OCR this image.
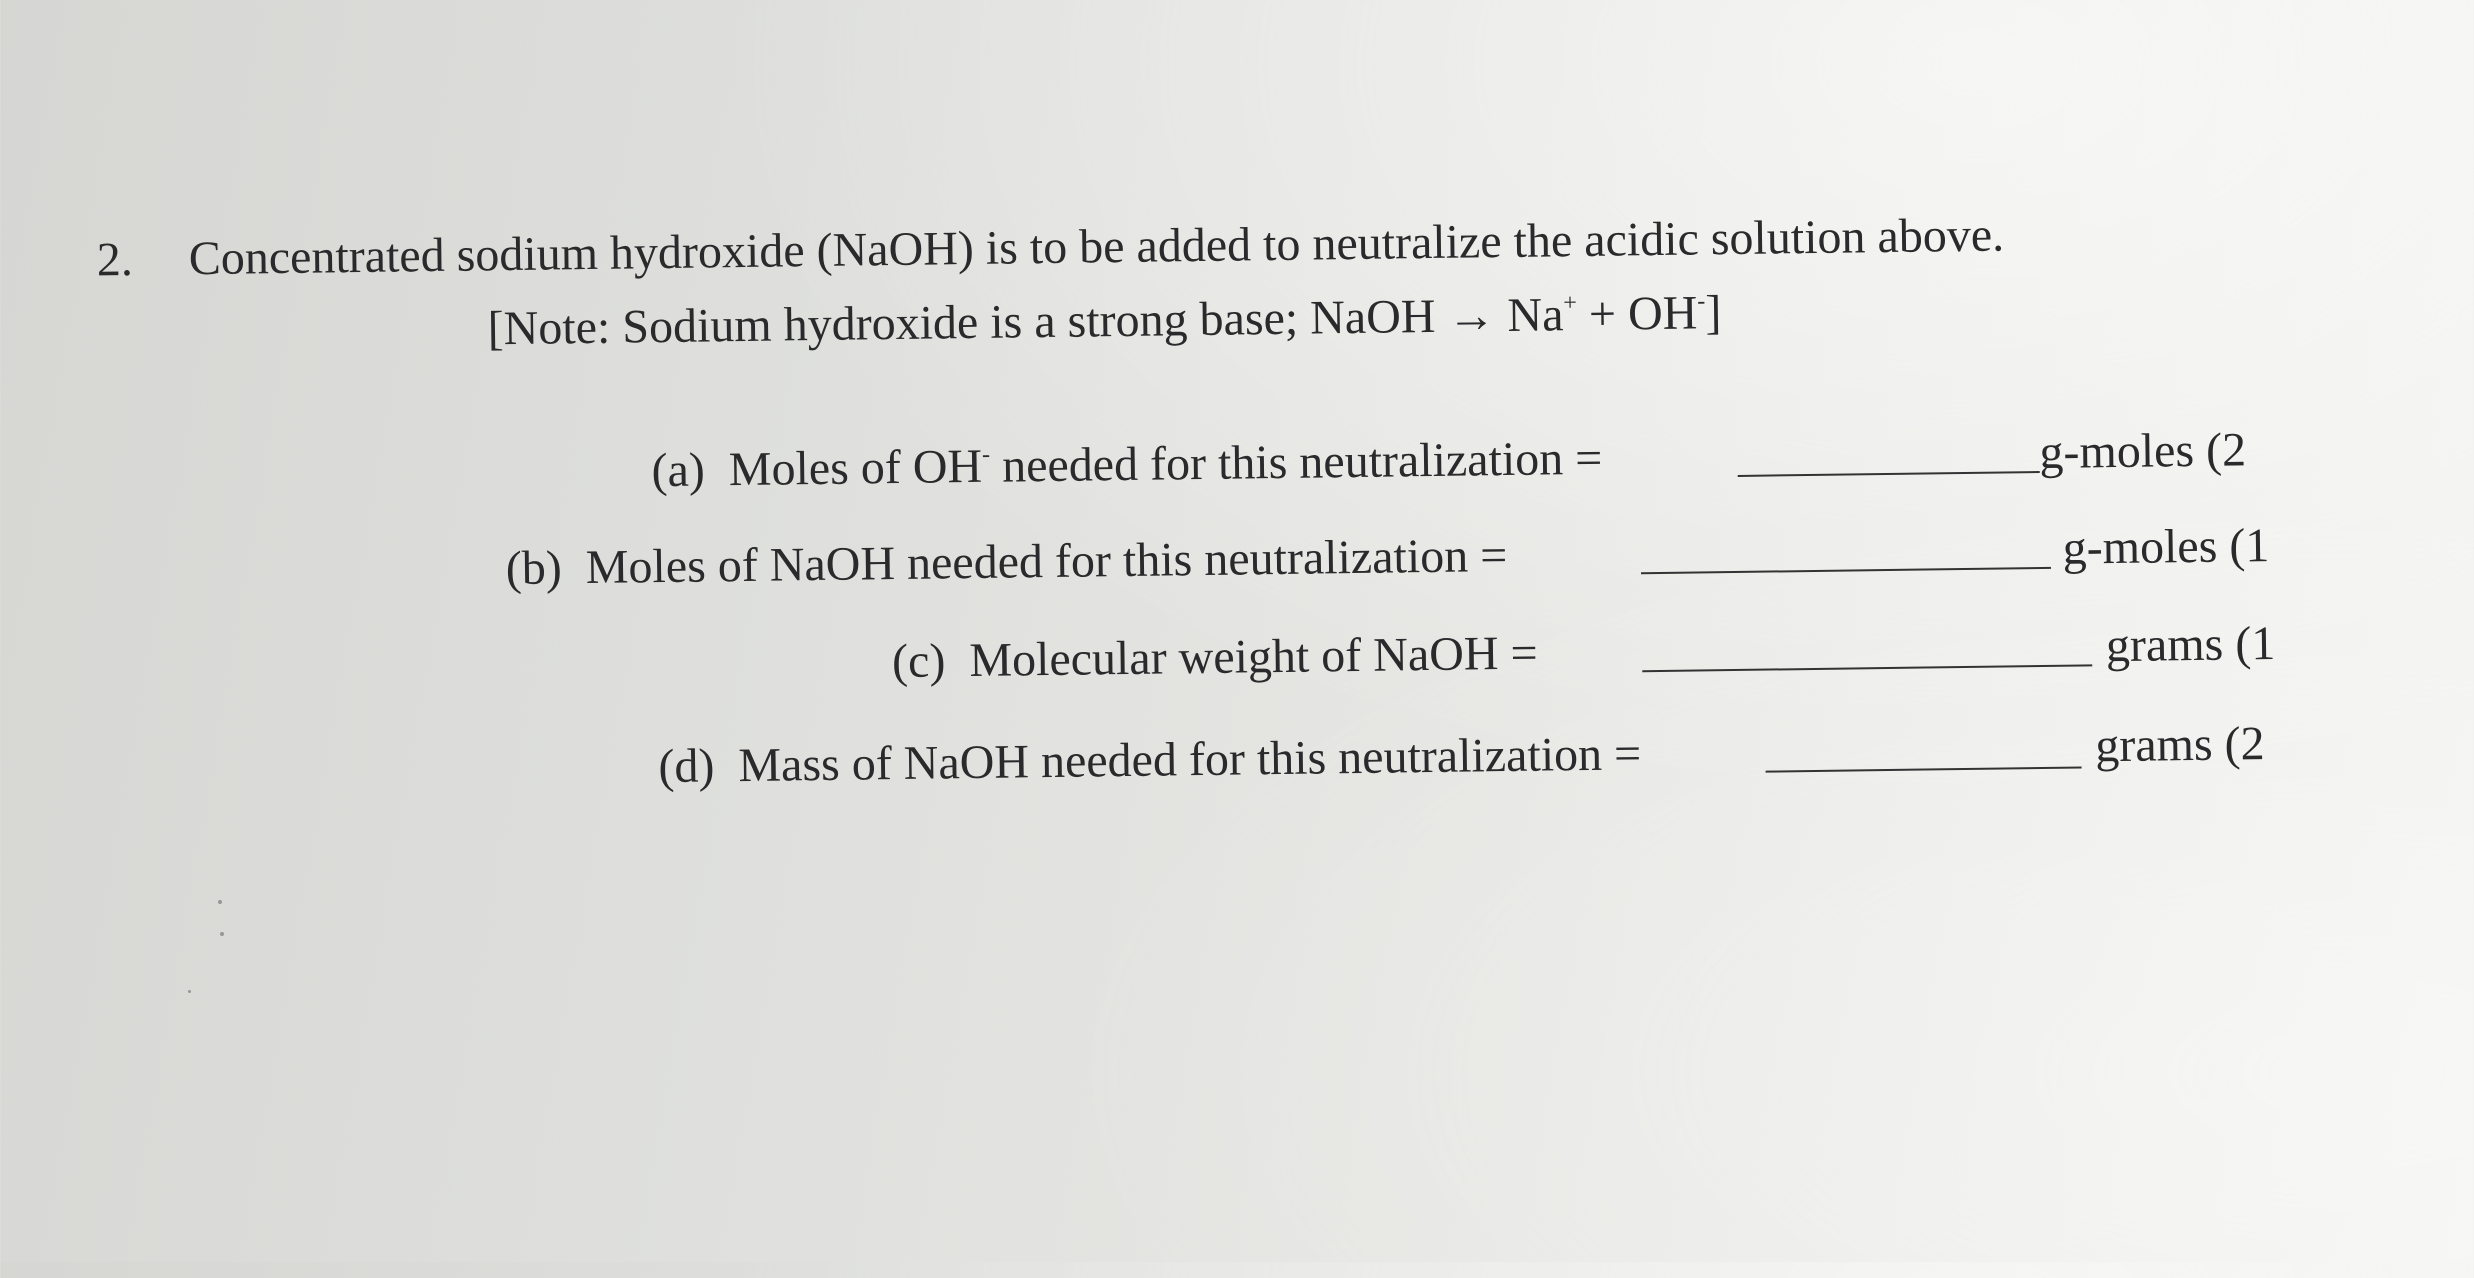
2. Concentrated sodium hydroxide (NaOH) is to be added to neutralize the acidic solution above.
[Note: Sodium hydroxide is a strong base; NaOH → Na+ + OH-]
(a) Moles of OH- needed for this neutralization =	g-moles (2
(b) Moles of NaOH needed for this neutralization =	g-moles (1
(c) Molecular weight of NaOH =	grams (1
(d) Mass of NaOH needed for this neutralization =	grams (2
